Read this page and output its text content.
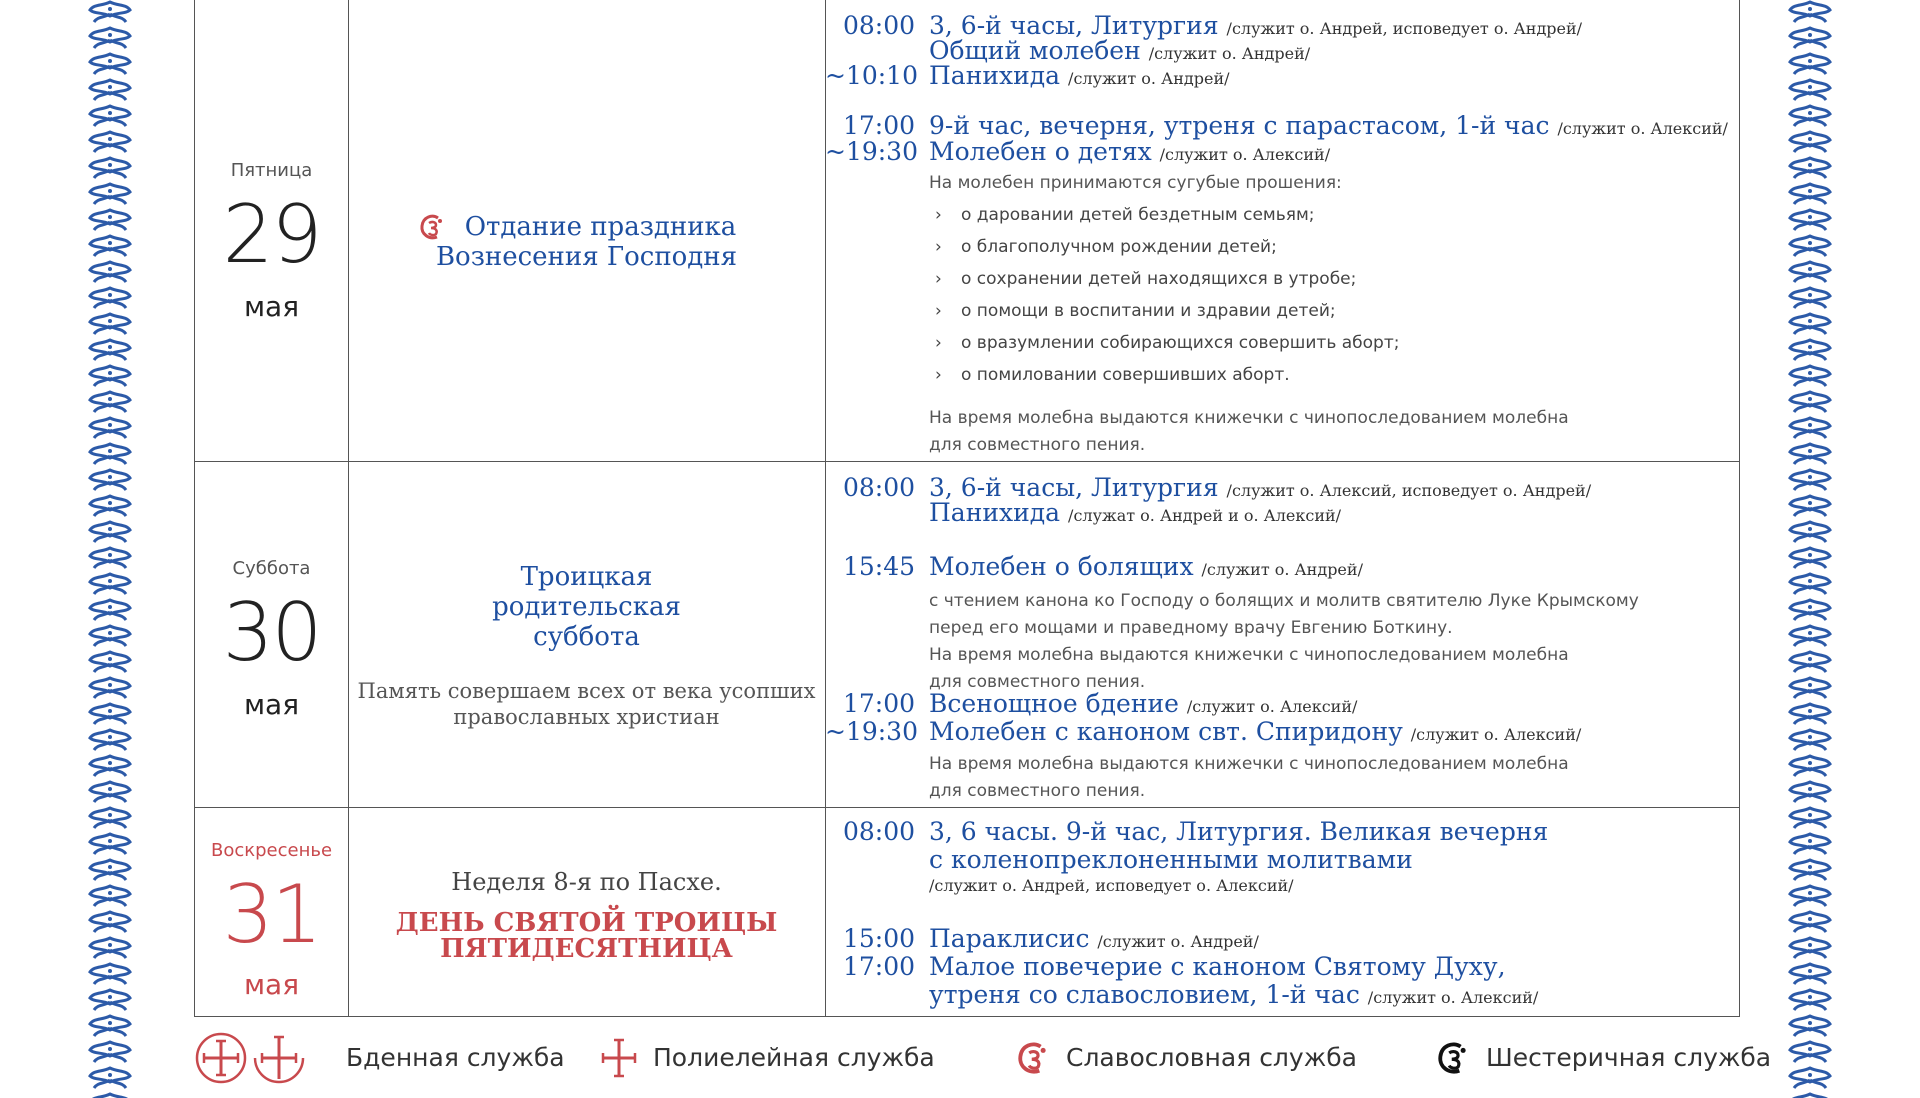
Пятница
29
мая
Отдание праздника
Вознесения Господня
08:00 3, 6-й часы, Литургия /служит о. Андрей, исповедует о. Андрей/
Общий молебен /служит о. Андрей/
~10:10 Панихида /служит о. Андрей/
17:00 9-й час, вечерня, утреня с парастасом, 1-й час /служит о. Алексий/
~19:30 Молебен о детях /служит о. Алексий/
На молебен принимаются сугубые прошения:
› о даровании детей бездетным семьям;
› о благополучном рождении детей;
› о сохранении детей находящихся в утробе;
› о помощи в воспитании и здравии детей;
› о вразумлении собирающихся совершить аборт;
› о помиловании совершивших аборт.
На время молебна выдаются книжечки с чинопоследованием молебна
для совместного пения.
Суббота
30
мая
Троицкая
родительская
суббота
Память совершаем всех от века усопших
православных христиан
08:00 3, 6-й часы, Литургия /служит о. Алексий, исповедует о. Андрей/
Панихида /служат о. Андрей и о. Алексий/
15:45 Молебен о болящих /служит о. Андрей/
с чтением канона ко Господу о болящих и молитв святителю Луке Крымскому
перед его мощами и праведному врачу Евгению Боткину.
На время молебна выдаются книжечки с чинопоследованием молебна
для совместного пения.
17:00 Всенощное бдение /служит о. Алексий/
~19:30 Молебен с каноном свт. Спиридону /служит о. Алексий/
На время молебна выдаются книжечки с чинопоследованием молебна
для совместного пения.
Воскресенье
31
мая
Неделя 8-я по Пасхе.
ДЕНЬ СВЯТОЙ ТРОИЦЫ
ПЯТИДЕСЯТНИЦА
08:00 3, 6 часы. 9-й час, Литургия. Великая вечерня
с коленопреклоненными молитвами
/служит о. Андрей, исповедует о. Алексий/
15:00 Параклисис /служит о. Андрей/
17:00 Малое повечерие с каноном Святому Духу,
утреня со славословием, 1-й час /служит о. Алексий/
Бденная служба	Полиелейная служба	Славословная служба	Шестеричная служба
